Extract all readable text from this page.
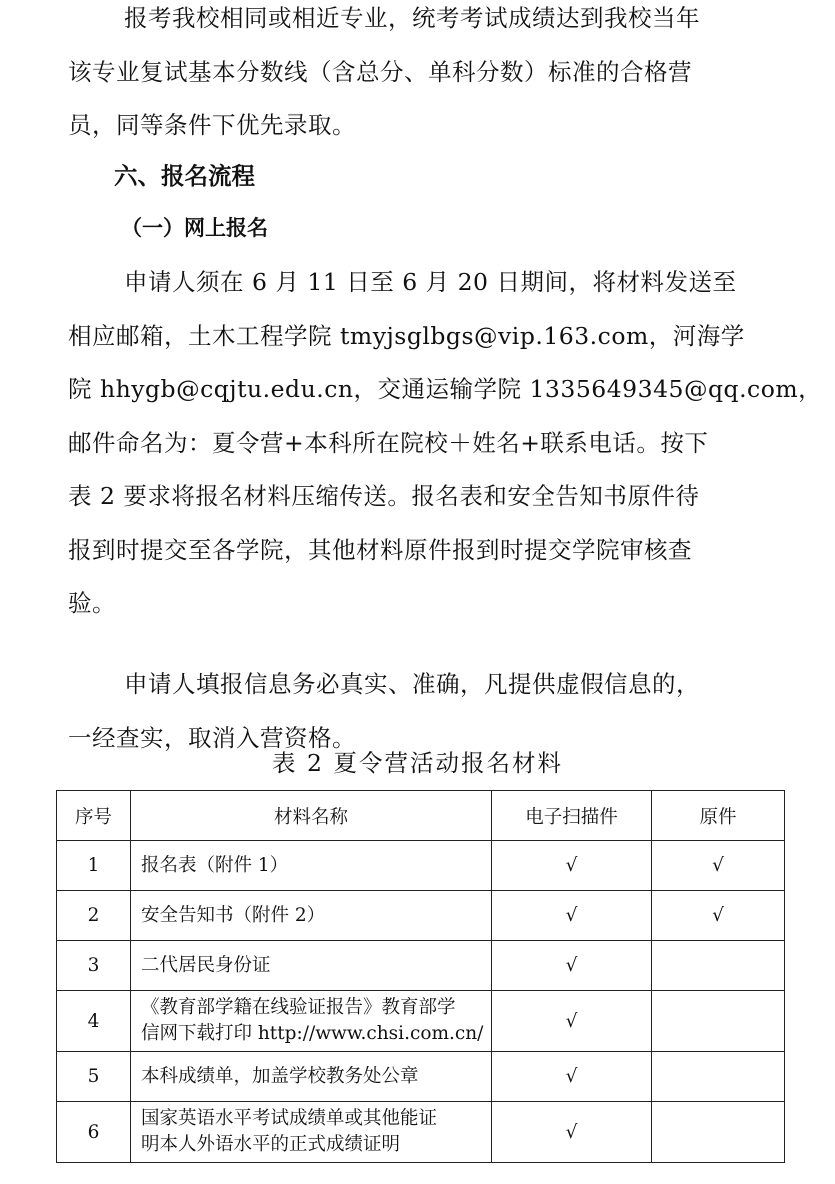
报考我校相同或相近专业，统考考试成绩达到我校当年
该专业复试基本分数线（含总分、单科分数）标准的合格营
员，同等条件下优先录取。
六、报名流程
（一）网上报名
申请人须在 6 月 11 日至 6 月 20 日期间，将材料发送至
相应邮箱，土木工程学院 tmyjsglbgs@vip.163.com，河海学
院 hhygb@cqjtu.edu.cn，交通运输学院 1335649345@qq.com，
邮件命名为：夏令营+本科所在院校＋姓名+联系电话。按下
表 2 要求将报名材料压缩传送。报名表和安全告知书原件待
报到时提交至各学院，其他材料原件报到时提交学院审核查
验。
申请人填报信息务必真实、准确，凡提供虚假信息的，
一经查实，取消入营资格。

表 2 夏令营活动报名材料

序号	材料名称	电子扫描件	原件
1	报名表（附件 1）	√	√
2	安全告知书（附件 2）	√	√
3	二代居民身份证	√	
4	《教育部学籍在线验证报告》教育部学
信网下载打印 http://www.chsi.com.cn/	√	
5	本科成绩单，加盖学校教务处公章	√	
6	国家英语水平考试成绩单或其他能证
明本人外语水平的正式成绩证明	√	
